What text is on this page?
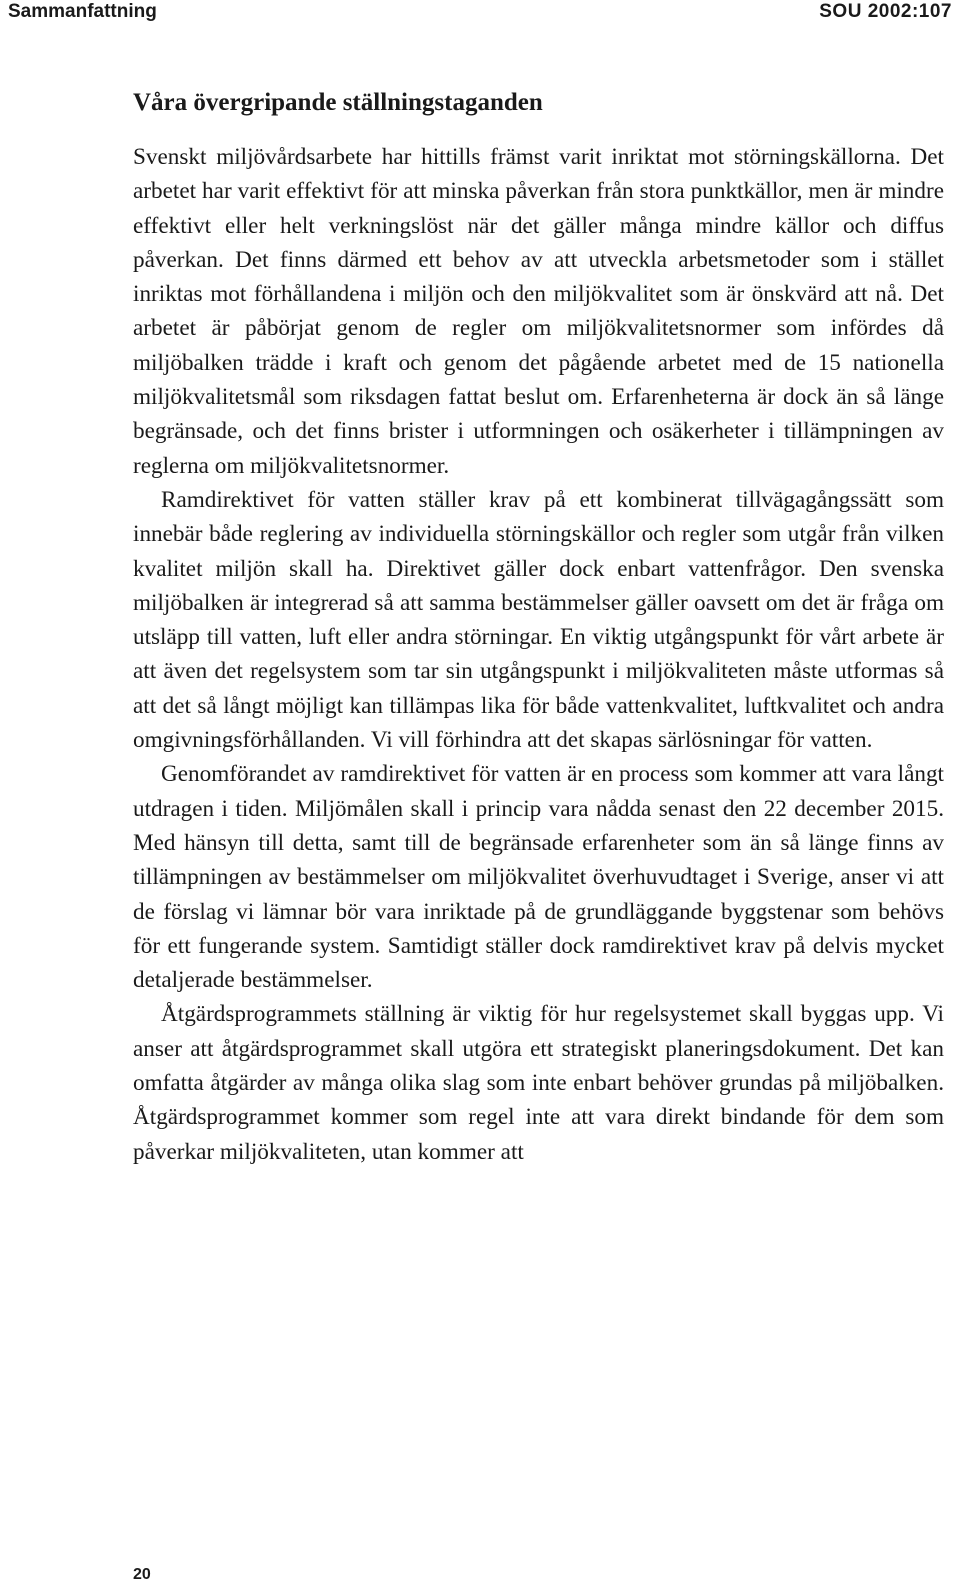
Sammanfattning	SOU 2002:107
Våra övergripande ställningstaganden

Svenskt miljövårdsarbete har hittills främst varit inriktat mot störningskällorna. Det arbetet har varit effektivt för att minska påverkan från stora punktkällor, men är mindre effektivt eller helt verkningslöst när det gäller många mindre källor och diffus påverkan. Det finns därmed ett behov av att utveckla arbetsmetoder som i stället inriktas mot förhållandena i miljön och den miljökvalitet som är önskvärd att nå. Det arbetet är påbörjat genom de regler om miljökvalitetsnormer som infördes då miljöbalken trädde i kraft och genom det pågående arbetet med de 15 nationella miljökvalitetsmål som riksdagen fattat beslut om. Erfarenheterna är dock än så länge begränsade, och det finns brister i utformningen och osäkerheter i tillämpningen av reglerna om miljökvalitetsnormer.

Ramdirektivet för vatten ställer krav på ett kombinerat tillvägagångssätt som innebär både reglering av individuella störningskällor och regler som utgår från vilken kvalitet miljön skall ha. Direktivet gäller dock enbart vattenfrågor. Den svenska miljöbalken är integrerad så att samma bestämmelser gäller oavsett om det är fråga om utsläpp till vatten, luft eller andra störningar. En viktig utgångspunkt för vårt arbete är att även det regelsystem som tar sin utgångspunkt i miljökvaliteten måste utformas så att det så långt möjligt kan tillämpas lika för både vattenkvalitet, luftkvalitet och andra omgivningsförhållanden. Vi vill förhindra att det skapas särlösningar för vatten.

Genomförandet av ramdirektivet för vatten är en process som kommer att vara långt utdragen i tiden. Miljömålen skall i princip vara nådda senast den 22 december 2015. Med hänsyn till detta, samt till de begränsade erfarenheter som än så länge finns av tillämpningen av bestämmelser om miljökvalitet överhuvudtaget i Sverige, anser vi att de förslag vi lämnar bör vara inriktade på de grundläggande byggstenar som behövs för ett fungerande system. Samtidigt ställer dock ramdirektivet krav på delvis mycket detaljerade bestämmelser.

Åtgärdsprogrammets ställning är viktig för hur regelsystemet skall byggas upp. Vi anser att åtgärdsprogrammet skall utgöra ett strategiskt planeringsdokument. Det kan omfatta åtgärder av många olika slag som inte enbart behöver grundas på miljöbalken. Åtgärdsprogrammet kommer som regel inte att vara direkt bindande för dem som påverkar miljökvaliteten, utan kommer att

20
